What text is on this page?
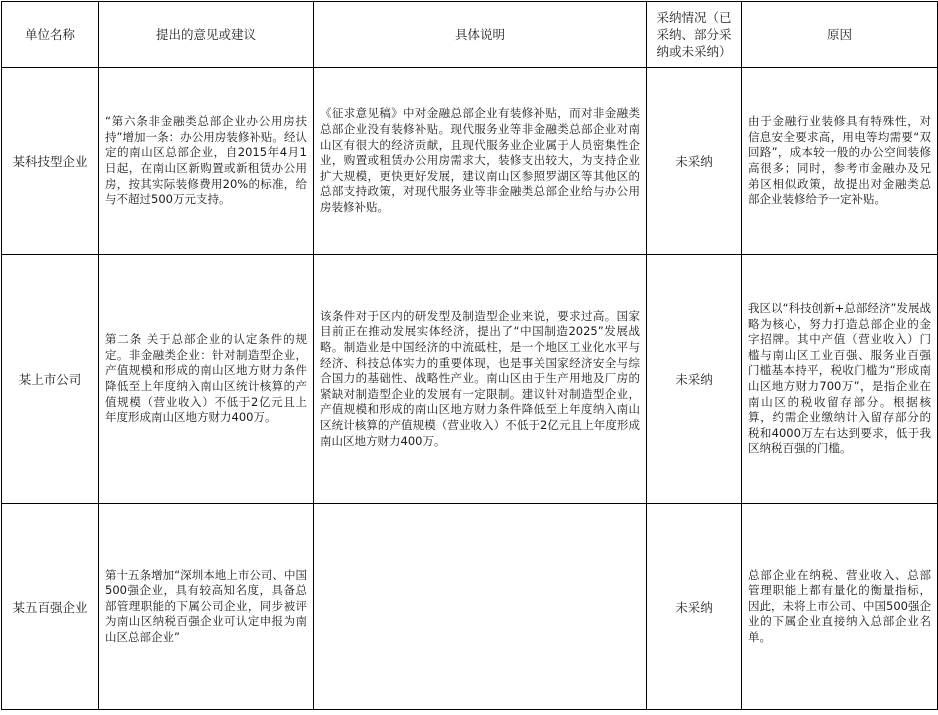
单位名称	提出的意见或建议	具体说明	采纳情况（已采纳、部分采纳或未采纳）	原因

某科技型企业	“第六条非金融类总部企业办公用房扶持”增加一条：办公用房装修补贴。经认定的南山区总部企业，自2015年4月1日起，在南山区新购置或新租赁办公用房，按其实际装修费用20%的标准，给与不超过500万元支持。	《征求意见稿》中对金融总部企业有装修补贴，而对非金融类总部企业没有装修补贴。现代服务业等非金融类总部企业对南山区有很大的经济贡献，且现代服务业企业属于人员密集性企业，购置或租赁办公用房需求大，装修支出较大，为支持企业扩大规模，更快更好发展，建议南山区参照罗湖区等其他区的总部支持政策，对现代服务业等非金融类总部企业给与办公用房装修补贴。	未采纳	由于金融行业装修具有特殊性，对信息安全要求高，用电等均需要“双回路”，成本较一般的办公空间装修高很多；同时，参考市金融办及兄弟区相似政策，故提出对金融类总部企业装修给予一定补贴。

某上市公司	第二条 关于总部企业的认定条件的规定。非金融类企业：针对制造型企业，产值规模和形成的南山区地方财力条件降低至上年度纳入南山区统计核算的产值规模（营业收入）不低于2亿元且上年度形成南山区地方财力400万。	该条件对于区内的研发型及制造型企业来说，要求过高。国家目前正在推动发展实体经济，提出了“中国制造2025”发展战略。制造业是中国经济的中流砥柱，是一个地区工业化水平与经济、科技总体实力的重要体现，也是事关国家经济安全与综合国力的基础性、战略性产业。南山区由于生产用地及厂房的紧缺对制造型企业的发展有一定限制。建议针对制造型企业，产值规模和形成的南山区地方财力条件降低至上年度纳入南山区统计核算的产值规模（营业收入）不低于2亿元且上年度形成南山区地方财力400万。	未采纳	我区以“科技创新+总部经济”发展战略为核心，努力打造总部企业的金字招牌。其中产值（营业收入）门槛与南山区工业百强、服务业百强门槛基本持平，税收门槛为“形成南山区地方财力700万”，是指企业在南山区的税收留存部分。根据核算，约需企业缴纳计入留存部分的税和4000万左右达到要求，低于我区纳税百强的门槛。

某五百强企业	第十五条增加“深圳本地上市公司、中国500强企业，具有较高知名度，具备总部管理职能的下属公司企业，同步被评为南山区纳税百强企业可认定申报为南山区总部企业”		未采纳	总部企业在纳税、营业收入、总部管理职能上都有量化的衡量指标，因此，未将上市公司、中国500强企业的下属企业直接纳入总部企业名单。
